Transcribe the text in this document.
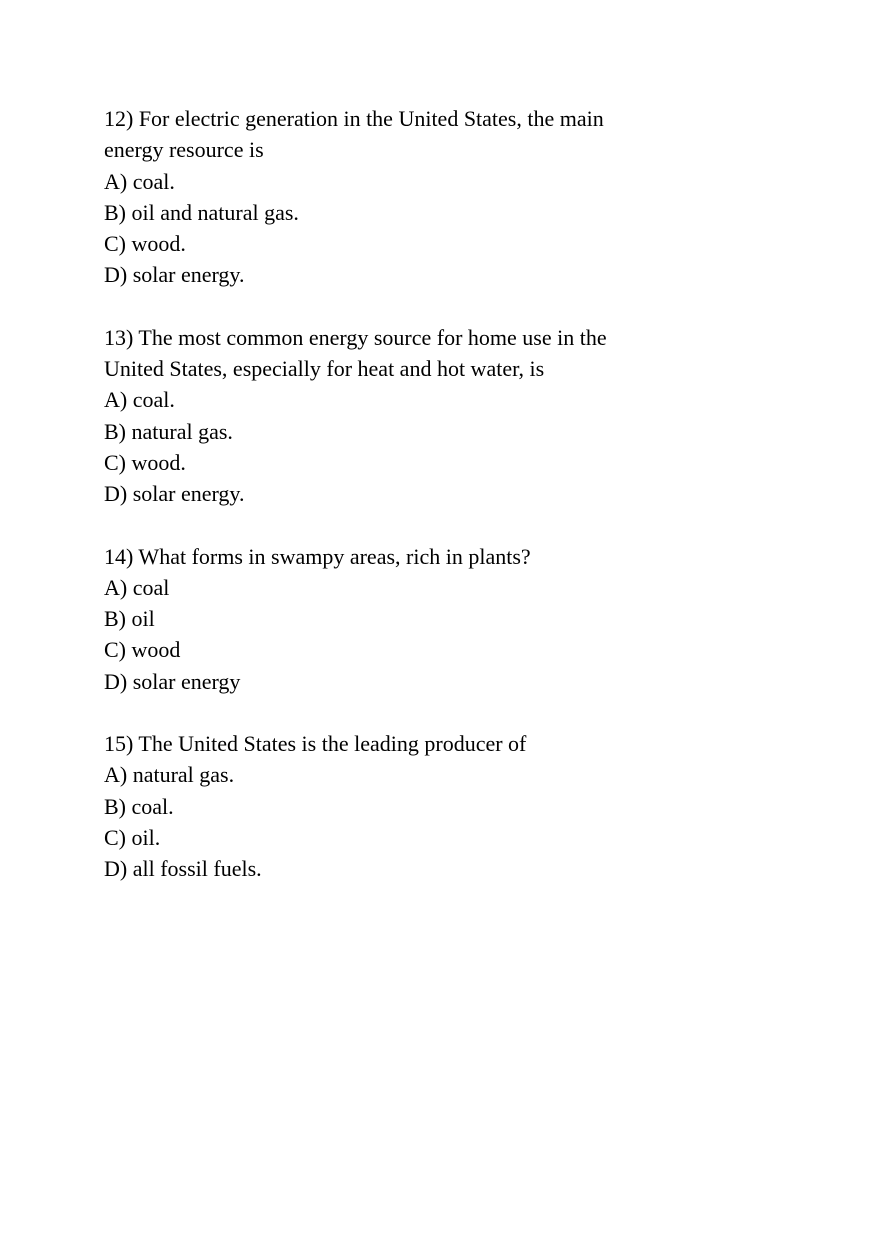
12) For electric generation in the United States, the main
energy resource is
A) coal.
B) oil and natural gas.
C) wood.
D) solar energy.
13) The most common energy source for home use in the
United States, especially for heat and hot water, is
A) coal.
B) natural gas.
C) wood.
D) solar energy.
14) What forms in swampy areas, rich in plants?
A) coal
B) oil
C) wood
D) solar energy
15) The United States is the leading producer of
A) natural gas.
B) coal.
C) oil.
D) all fossil fuels.
